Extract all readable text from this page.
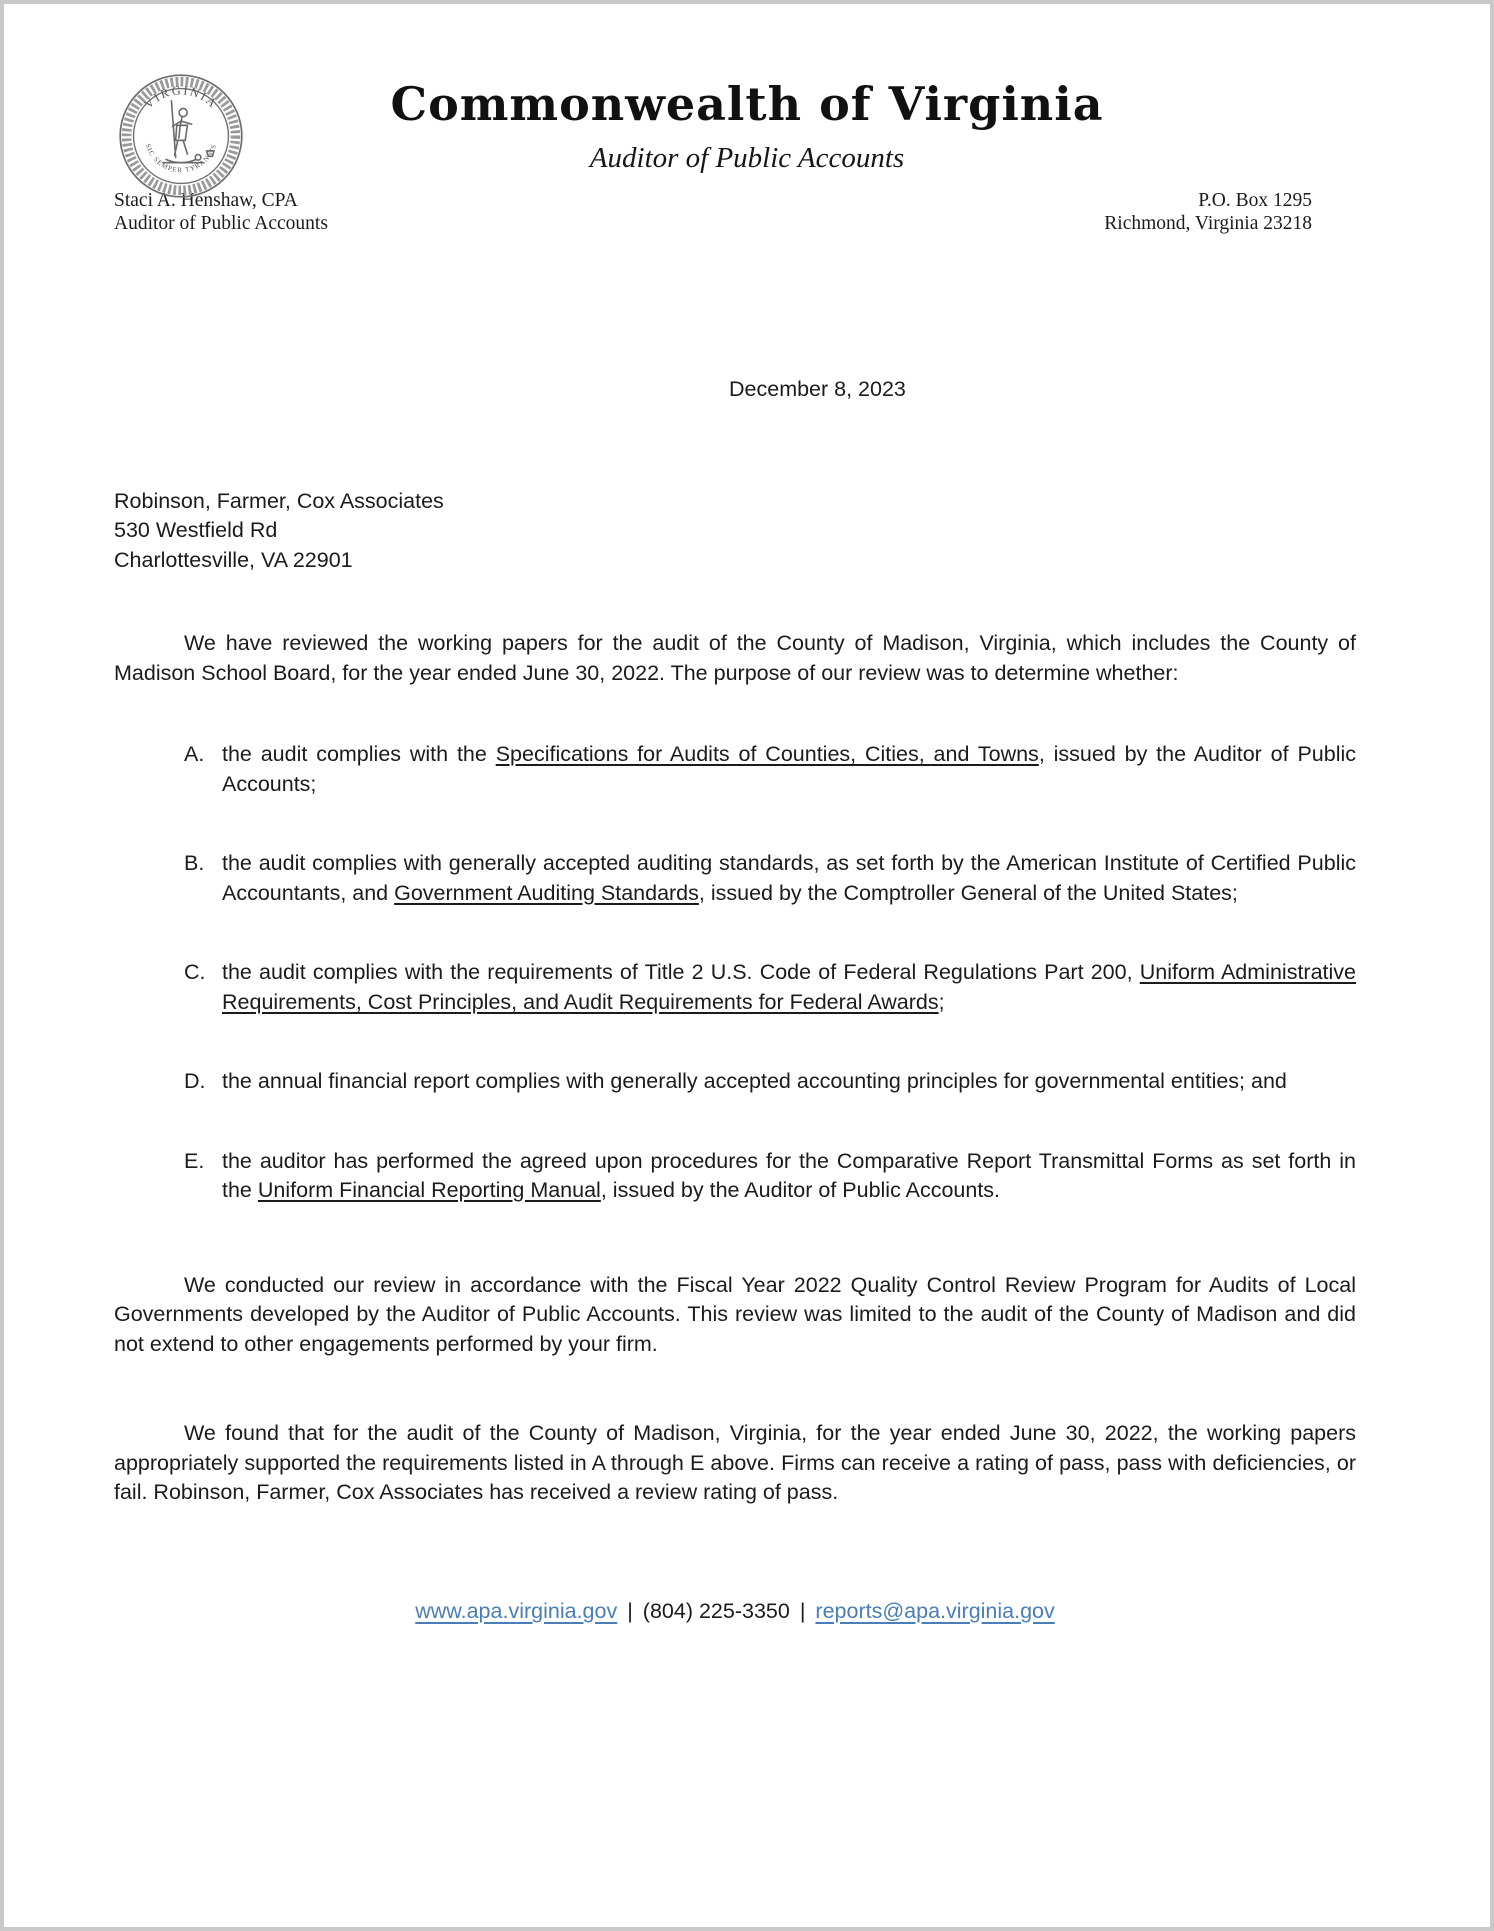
VIRGINIA
SIC SEMPER TYRANNIS
Commonwealth of Virginia
Auditor of Public Accounts
Staci A. Henshaw, CPA
Auditor of Public Accounts
P.O. Box 1295
Richmond, Virginia 23218
December 8, 2023
Robinson, Farmer, Cox Associates
530 Westfield Rd
Charlottesville, VA 22901
We have reviewed the working papers for the audit of the County of Madison, Virginia, which includes the County of Madison School Board, for the year ended June 30, 2022. The purpose of our review was to determine whether:
A. the audit complies with the Specifications for Audits of Counties, Cities, and Towns, issued by the Auditor of Public Accounts;
B. the audit complies with generally accepted auditing standards, as set forth by the American Institute of Certified Public Accountants, and Government Auditing Standards, issued by the Comptroller General of the United States;
C. the audit complies with the requirements of Title 2 U.S. Code of Federal Regulations Part 200, Uniform Administrative Requirements, Cost Principles, and Audit Requirements for Federal Awards;
D. the annual financial report complies with generally accepted accounting principles for governmental entities; and
E. the auditor has performed the agreed upon procedures for the Comparative Report Transmittal Forms as set forth in the Uniform Financial Reporting Manual, issued by the Auditor of Public Accounts.
We conducted our review in accordance with the Fiscal Year 2022 Quality Control Review Program for Audits of Local Governments developed by the Auditor of Public Accounts. This review was limited to the audit of the County of Madison and did not extend to other engagements performed by your firm.
We found that for the audit of the County of Madison, Virginia, for the year ended June 30, 2022, the working papers appropriately supported the requirements listed in A through E above. Firms can receive a rating of pass, pass with deficiencies, or fail. Robinson, Farmer, Cox Associates has received a review rating of pass.
www.apa.virginia.gov | (804) 225-3350 | reports@apa.virginia.gov
